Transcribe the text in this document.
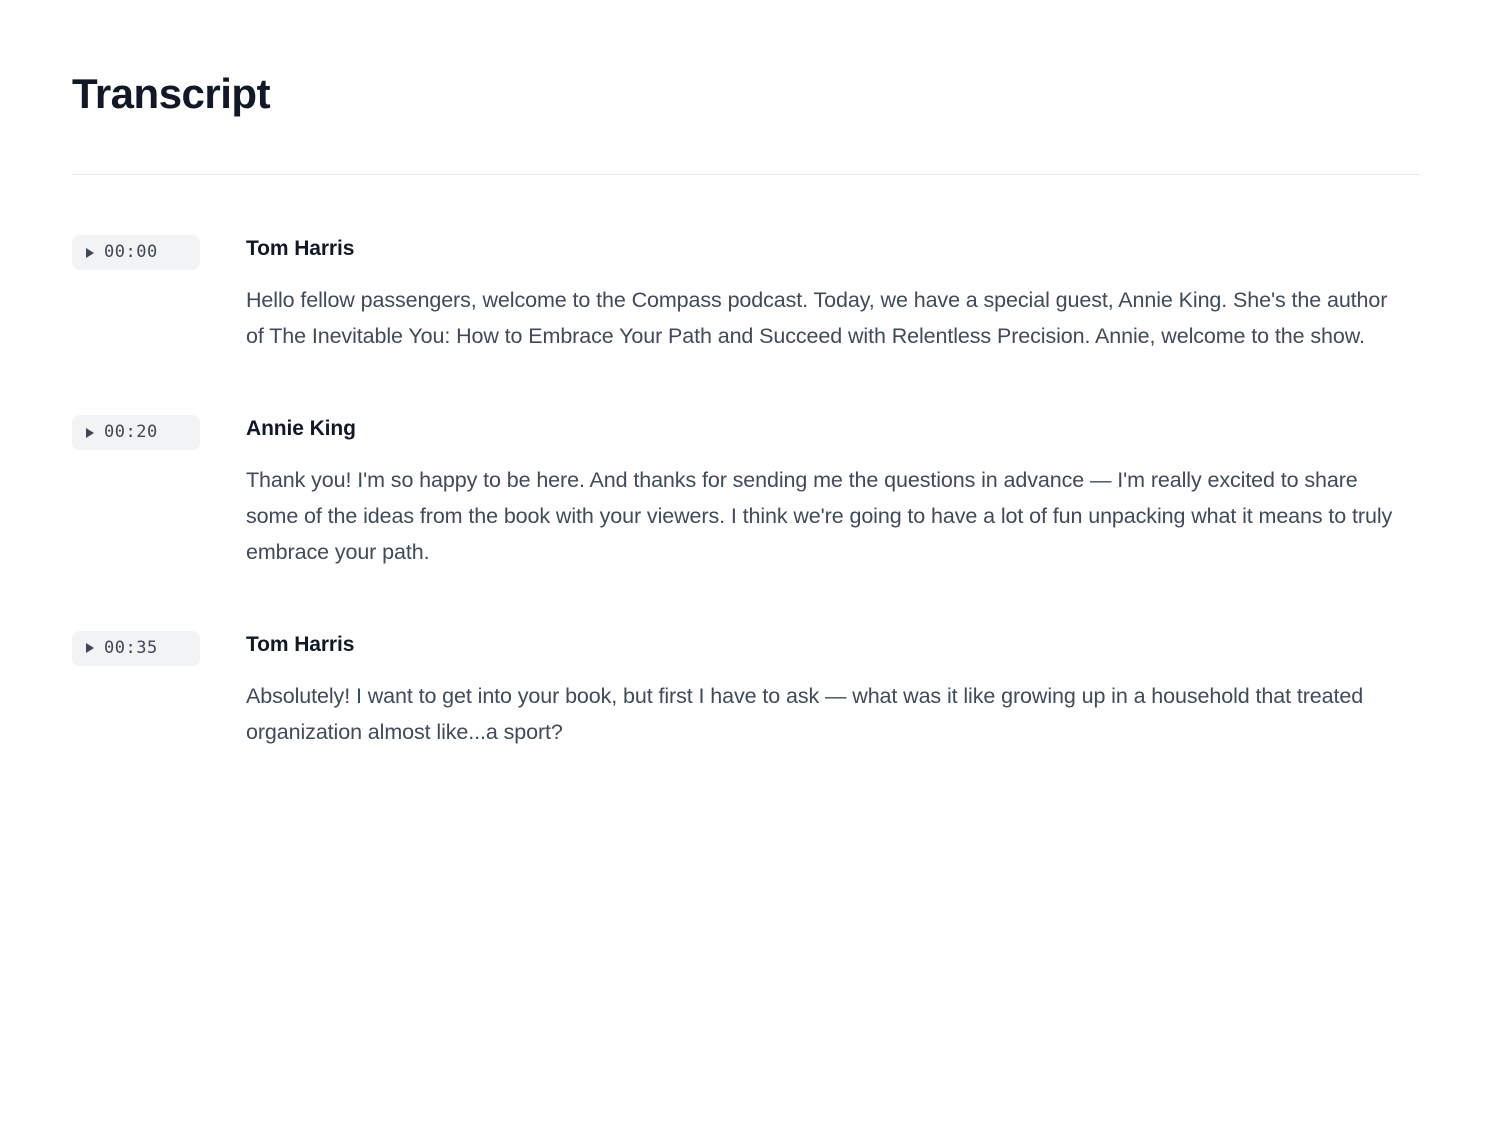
Transcript
00:00	Tom Harris

Hello fellow passengers, welcome to the Compass podcast. Today, we have a special guest, Annie King. She's the author of The Inevitable You: How to Embrace Your Path and Succeed with Relentless Precision. Annie, welcome to the show.

00:20	Annie King

Thank you! I'm so happy to be here. And thanks for sending me the questions in advance — I'm really excited to share some of the ideas from the book with your viewers. I think we're going to have a lot of fun unpacking what it means to truly embrace your path.

00:35	Tom Harris

Absolutely! I want to get into your book, but first I have to ask — what was it like growing up in a household that treated organization almost like...a sport?
